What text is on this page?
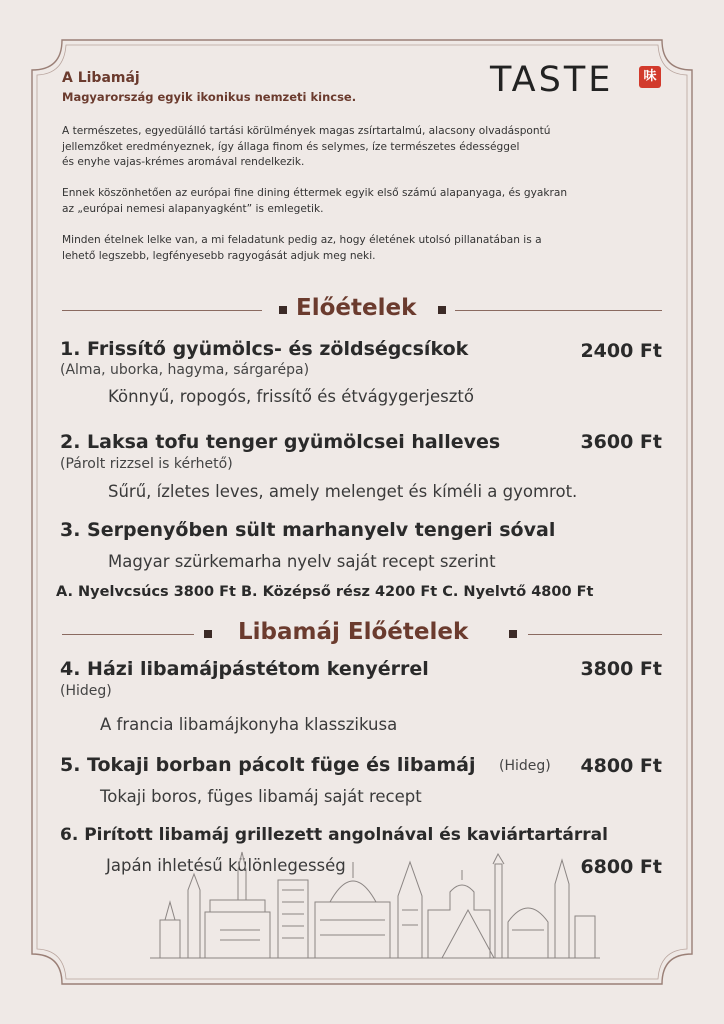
TASTE	味
A Libamáj
Magyarország egyik ikonikus nemzeti kincse.
A természetes, egyedülálló tartási körülmények magas zsírtartalmú, alacsony olvadáspontú
jellemzőket eredményeznek, így állaga finom és selymes, íze természetes édességgel
és enyhe vajas-krémes aromával rendelkezik.
Ennek köszönhetően az európai fine dining éttermek egyik első számú alapanyaga, és gyakran
az „európai nemesi alapanyagként” is emlegetik.
Minden ételnek lelke van, a mi feladatunk pedig az, hogy életének utolsó pillanatában is a
lehető legszebb, legfényesebb ragyogását adjuk meg neki.
Előételek
1. Frissítő gyümölcs- és zöldségcsíkok	2400 Ft
(Alma, uborka, hagyma, sárgarépa)
Könnyű, ropogós, frissítő és étvágygerjesztő
2. Laksa tofu tenger gyümölcsei halleves	3600 Ft
(Párolt rizzsel is kérhető)
Sűrű, ízletes leves, amely melenget és kíméli a gyomrot.
3. Serpenyőben sült marhanyelv tengeri sóval
Magyar szürkemarha nyelv saját recept szerint
A. Nyelvcsúcs 3800 Ft B. Középső rész 4200 Ft C. Nyelvtő 4800 Ft
Libamáj Előételek
4. Házi libamájpástétom kenyérrel	3800 Ft
(Hideg)
A francia libamájkonyha klasszikusa
5. Tokaji borban pácolt füge és libamáj (Hideg) 4800 Ft
Tokaji boros, füges libamáj saját recept
6. Pirított libamáj grillezett angolnával és kaviártartárral
Japán ihletésű különlegesség	6800 Ft
